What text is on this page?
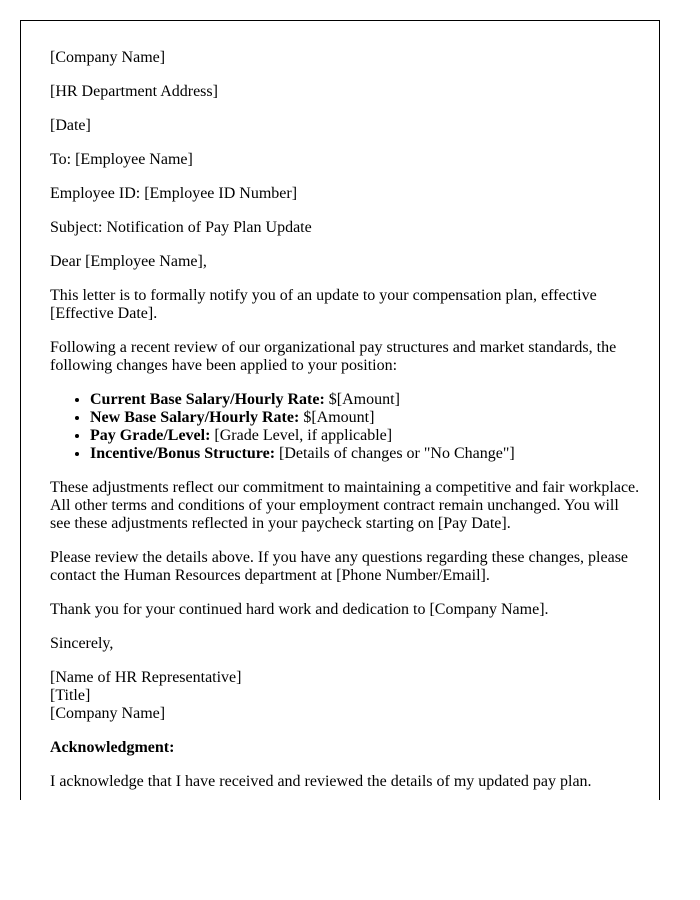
[Company Name]

[HR Department Address]

[Date]

To: [Employee Name]

Employee ID: [Employee ID Number]

Subject: Notification of Pay Plan Update

Dear [Employee Name],

This letter is to formally notify you of an update to your compensation plan, effective [Effective Date].

Following a recent review of our organizational pay structures and market standards, the following changes have been applied to your position:

• Current Base Salary/Hourly Rate: $[Amount]
• New Base Salary/Hourly Rate: $[Amount]
• Pay Grade/Level: [Grade Level, if applicable]
• Incentive/Bonus Structure: [Details of changes or "No Change"]

These adjustments reflect our commitment to maintaining a competitive and fair workplace. All other terms and conditions of your employment contract remain unchanged. You will see these adjustments reflected in your paycheck starting on [Pay Date].

Please review the details above. If you have any questions regarding these changes, please contact the Human Resources department at [Phone Number/Email].

Thank you for your continued hard work and dedication to [Company Name].

Sincerely,

[Name of HR Representative]

[Title]

[Company Name]

Acknowledgment:

I acknowledge that I have received and reviewed the details of my updated pay plan.
